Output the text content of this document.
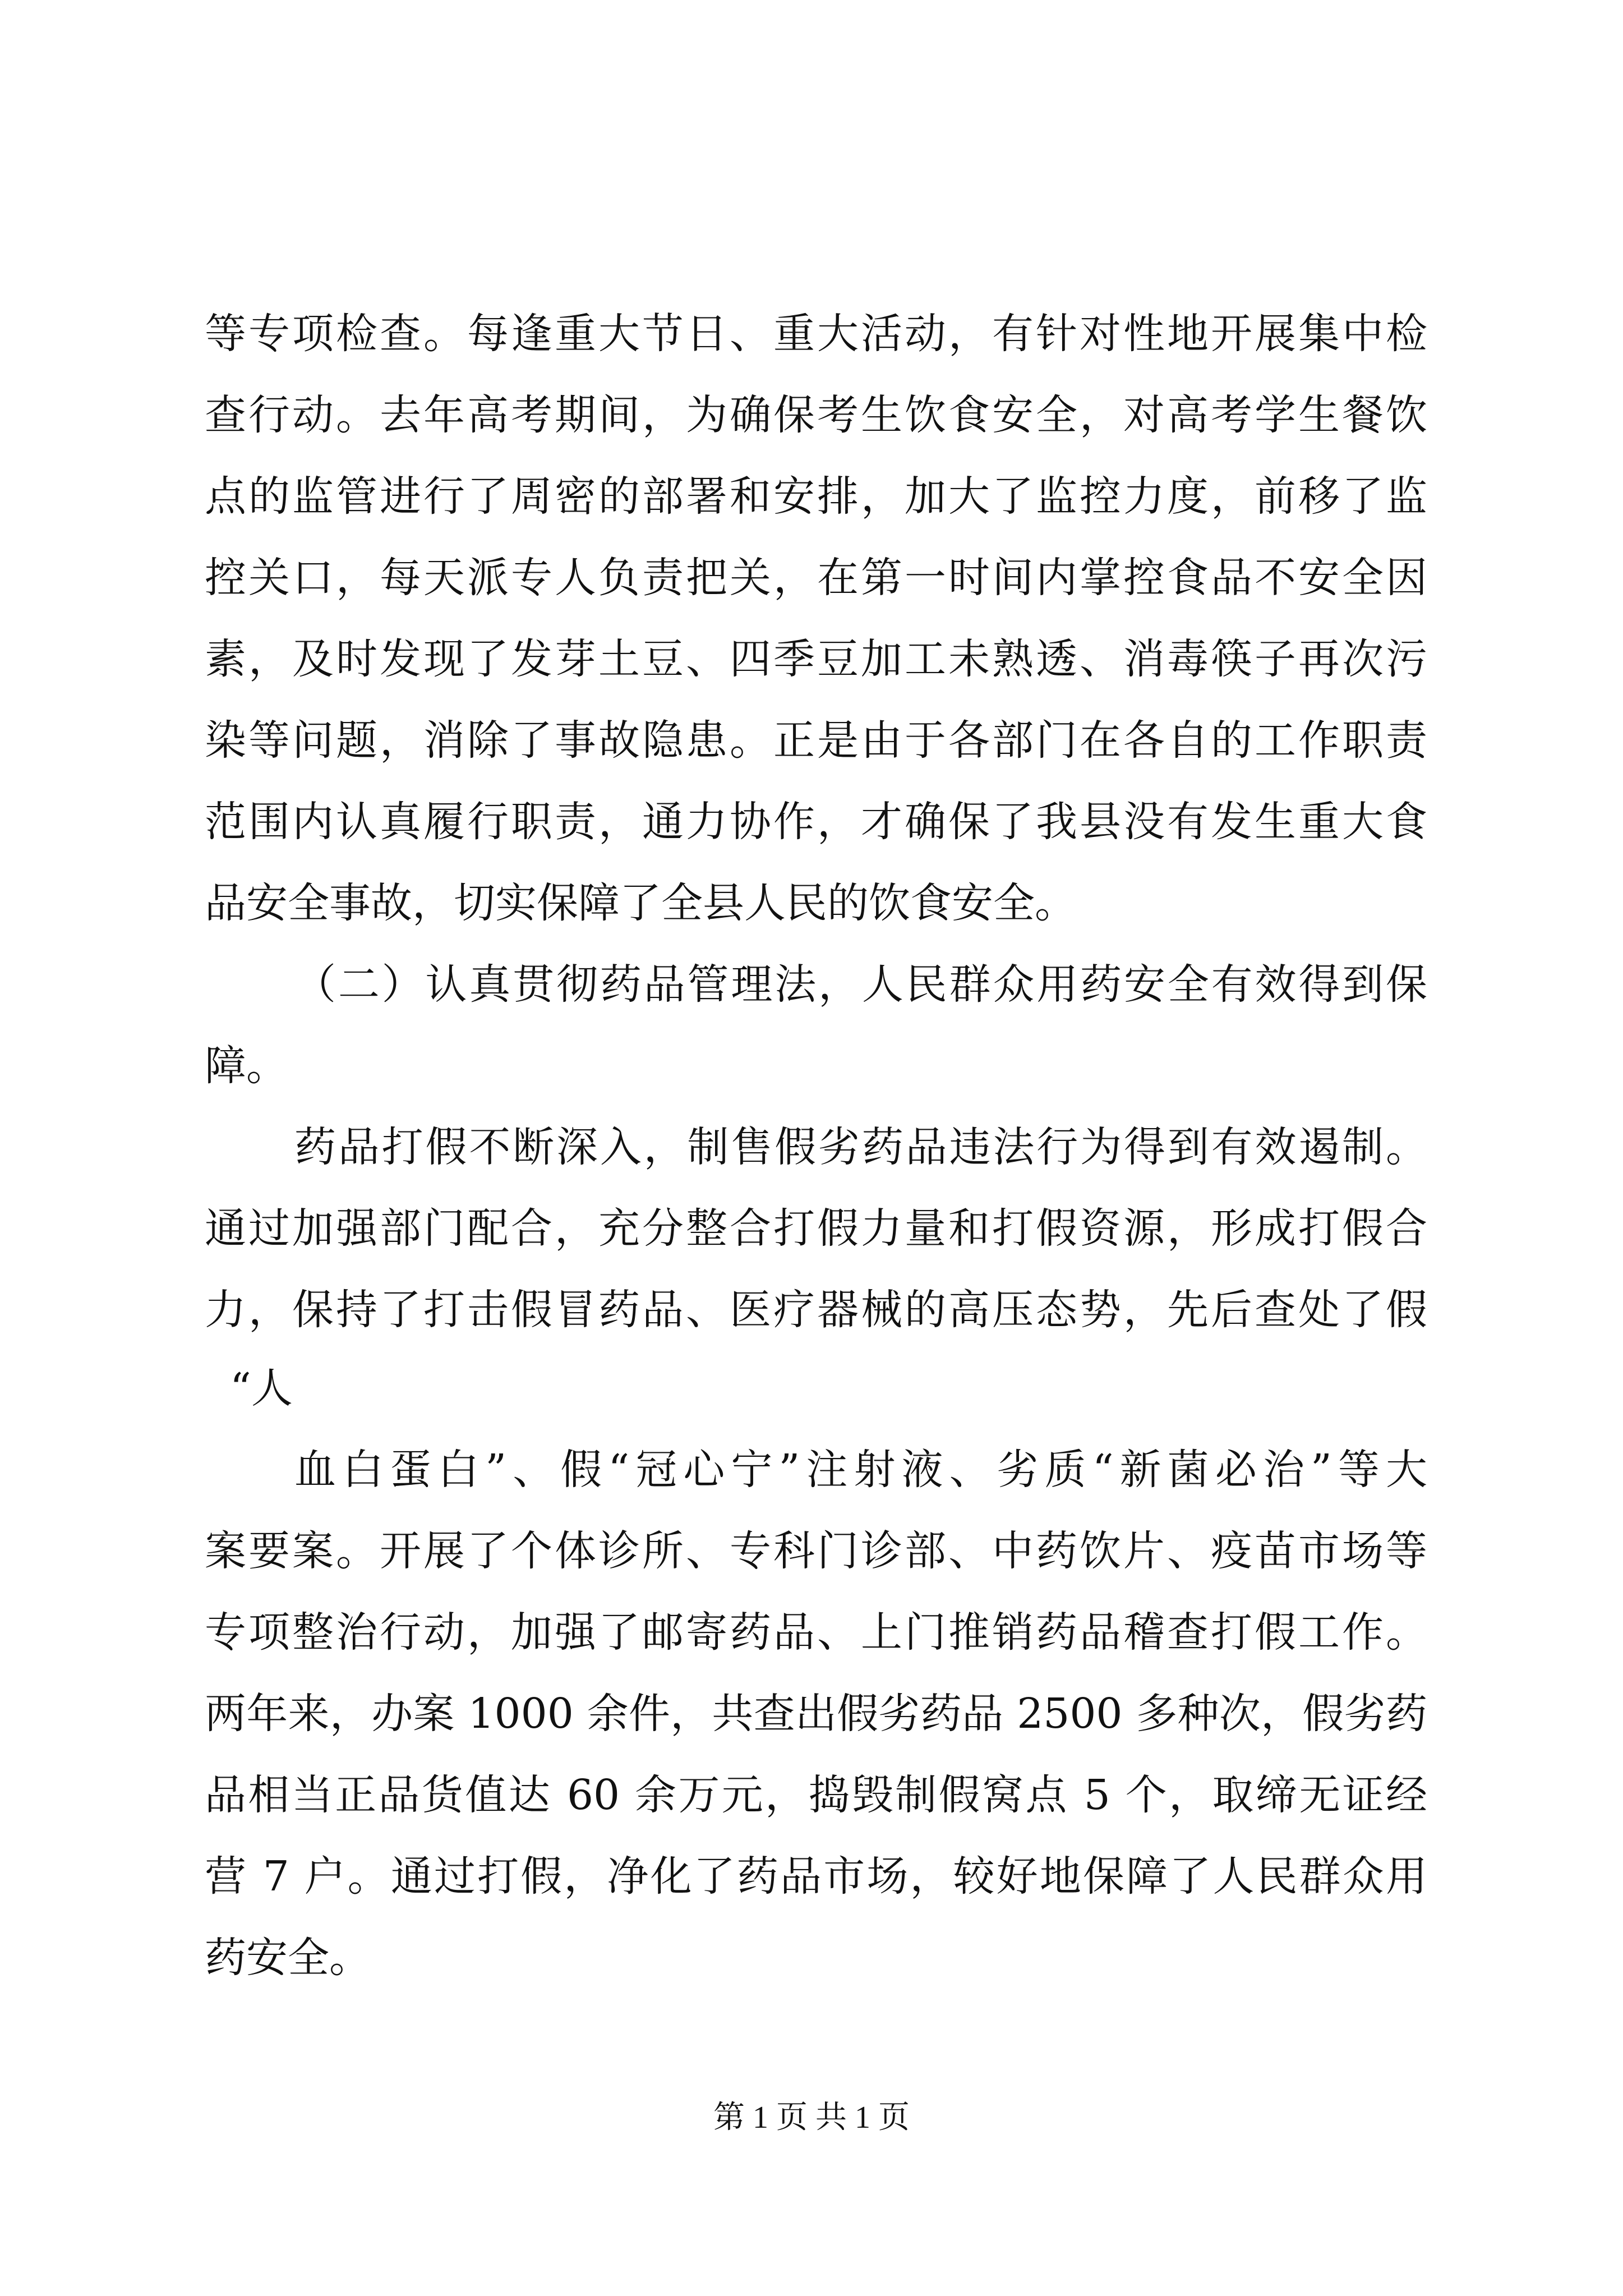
等专项检查。每逢重大节日、重大活动，有针对性地开展集中检

查行动。去年高考期间，为确保考生饮食安全，对高考学生餐饮

点的监管进行了周密的部署和安排，加大了监控力度，前移了监

控关口，每天派专人负责把关，在第一时间内掌控食品不安全因

素，及时发现了发芽土豆、四季豆加工未熟透、消毒筷子再次污

染等问题，消除了事故隐患。正是由于各部门在各自的工作职责

范围内认真履行职责，通力协作，才确保了我县没有发生重大食

品安全事故，切实保障了全县人民的饮食安全。

（二）认真贯彻药品管理法，人民群众用药安全有效得到保

障。

药品打假不断深入，制售假劣药品违法行为得到有效遏制。

通过加强部门配合，充分整合打假力量和打假资源，形成打假合

力，保持了打击假冒药品、医疗器械的高压态势，先后查处了假

“人

血白蛋白”、假“冠心宁”注射液、劣质“新菌必治”等大

案要案。开展了个体诊所、专科门诊部、中药饮片、疫苗市场等

专项整治行动，加强了邮寄药品、上门推销药品稽查打假工作。

两年来，办案 1000 余件，共查出假劣药品 2500 多种次，假劣药

品相当正品货值达 60 余万元，捣毁制假窝点 5 个，取缔无证经

营 7 户。通过打假，净化了药品市场，较好地保障了人民群众用

药安全。

第 1 页 共 1 页
